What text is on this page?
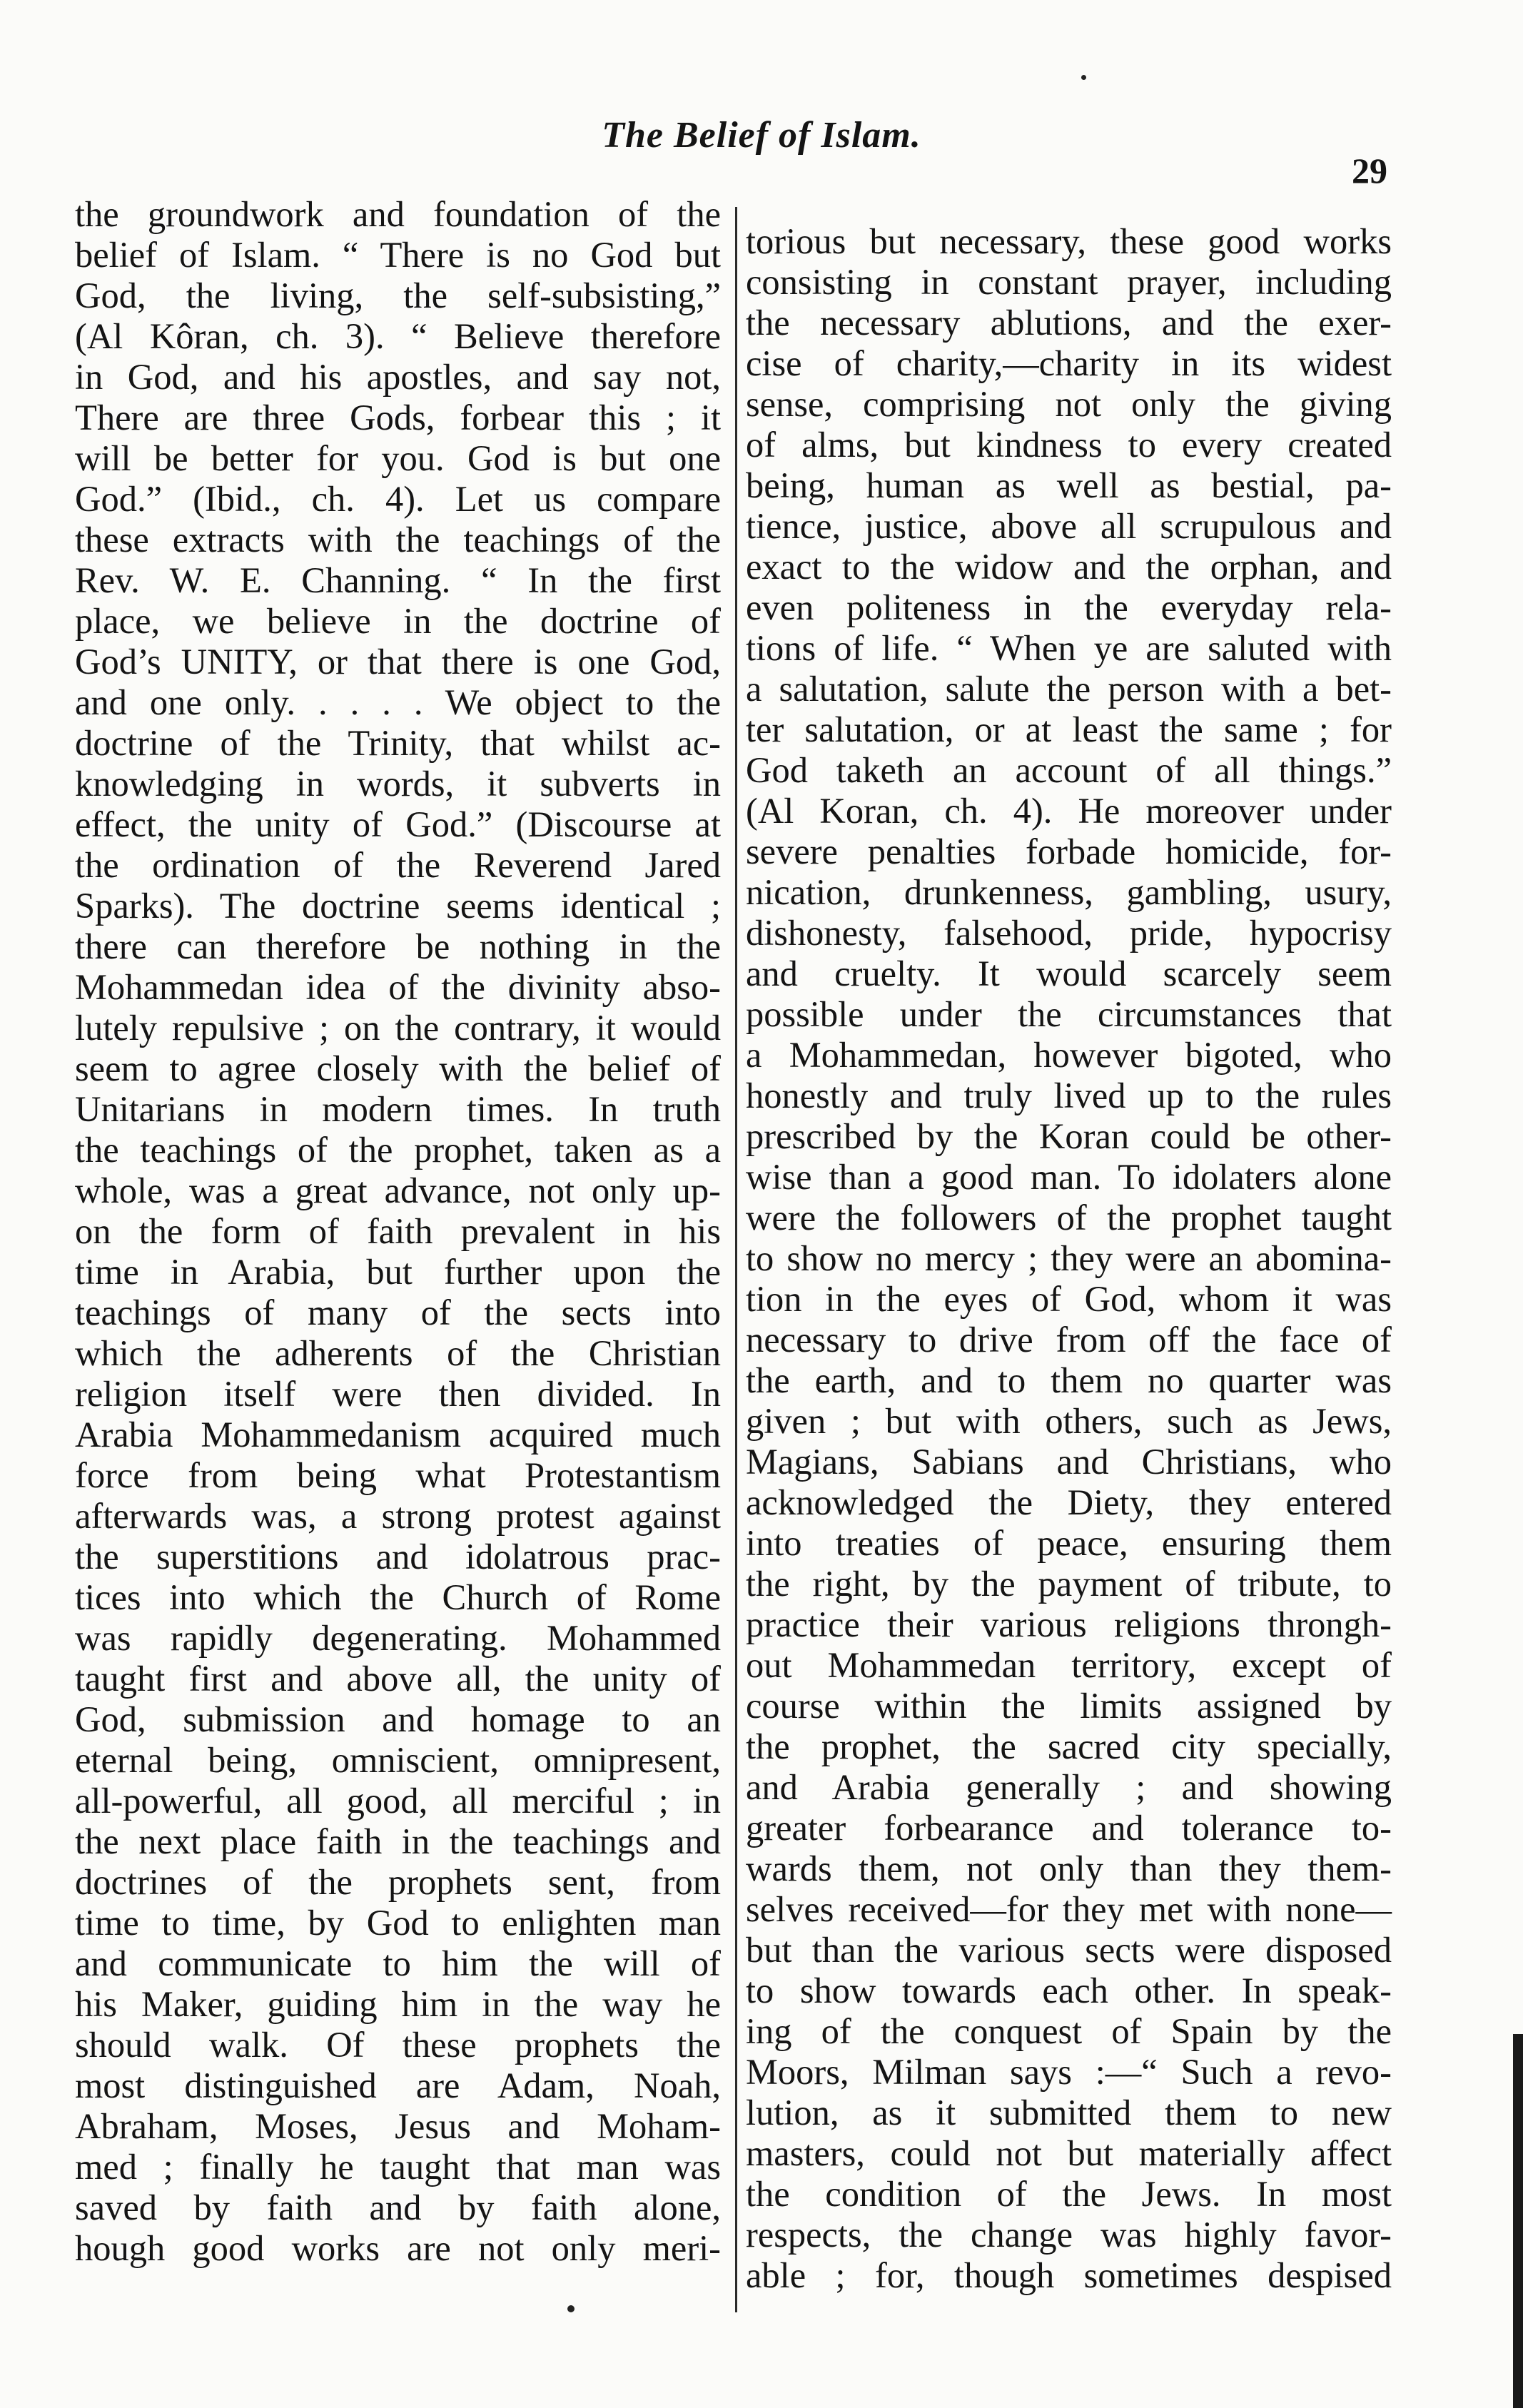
The Belief of Islam.
29
the groundwork and foundation of the
belief of Islam. “ There is no God but
God, the living, the self-subsisting,”
(Al Kôran, ch. 3). “ Believe therefore
in God, and his apostles, and say not,
There are three Gods, forbear this ; it
will be better for you. God is but one
God.” (Ibid., ch. 4). Let us compare
these extracts with the teachings of the
Rev. W. E. Channing. “ In the first
place, we believe in the doctrine of
God’s UNITY, or that there is one God,
and one only. . . . . We object to the
doctrine of the Trinity, that whilst ac-
knowledging in words, it subverts in
effect, the unity of God.” (Discourse at
the ordination of the Reverend Jared
Sparks). The doctrine seems identical ;
there can therefore be nothing in the
Mohammedan idea of the divinity abso-
lutely repulsive ; on the contrary, it would
seem to agree closely with the belief of
Unitarians in modern times. In truth
the teachings of the prophet, taken as a
whole, was a great advance, not only up-
on the form of faith prevalent in his
time in Arabia, but further upon the
teachings of many of the sects into
which the adherents of the Christian
religion itself were then divided. In
Arabia Mohammedanism acquired much
force from being what Protestantism
afterwards was, a strong protest against
the superstitions and idolatrous prac-
tices into which the Church of Rome
was rapidly degenerating. Mohammed
taught first and above all, the unity of
God, submission and homage to an
eternal being, omniscient, omnipresent,
all-powerful, all good, all merciful ; in
the next place faith in the teachings and
doctrines of the prophets sent, from
time to time, by God to enlighten man
and communicate to him the will of
his Maker, guiding him in the way he
should walk. Of these prophets the
most distinguished are Adam, Noah,
Abraham, Moses, Jesus and Moham-
med ; finally he taught that man was
saved by faith and by faith alone,
hough good works are not only meri-
torious but necessary, these good works
consisting in constant prayer, including
the necessary ablutions, and the exer-
cise of charity,—charity in its widest
sense, comprising not only the giving
of alms, but kindness to every created
being, human as well as bestial, pa-
tience, justice, above all scrupulous and
exact to the widow and the orphan, and
even politeness in the everyday rela-
tions of life. “ When ye are saluted with
a salutation, salute the person with a bet-
ter salutation, or at least the same ; for
God taketh an account of all things.”
(Al Koran, ch. 4). He moreover under
severe penalties forbade homicide, for-
nication, drunkenness, gambling, usury,
dishonesty, falsehood, pride, hypocrisy
and cruelty. It would scarcely seem
possible under the circumstances that
a Mohammedan, however bigoted, who
honestly and truly lived up to the rules
prescribed by the Koran could be other-
wise than a good man. To idolaters alone
were the followers of the prophet taught
to show no mercy ; they were an abomina-
tion in the eyes of God, whom it was
necessary to drive from off the face of
the earth, and to them no quarter was
given ; but with others, such as Jews,
Magians, Sabians and Christians, who
acknowledged the Diety, they entered
into treaties of peace, ensuring them
the right, by the payment of tribute, to
practice their various religions throngh-
out Mohammedan territory, except of
course within the limits assigned by
the prophet, the sacred city specially,
and Arabia generally ; and showing
greater forbearance and tolerance to-
wards them, not only than they them-
selves received—for they met with none—
but than the various sects were disposed
to show towards each other. In speak-
ing of the conquest of Spain by the
Moors, Milman says :—“ Such a revo-
lution, as it submitted them to new
masters, could not but materially affect
the condition of the Jews. In most
respects, the change was highly favor-
able ; for, though sometimes despised
